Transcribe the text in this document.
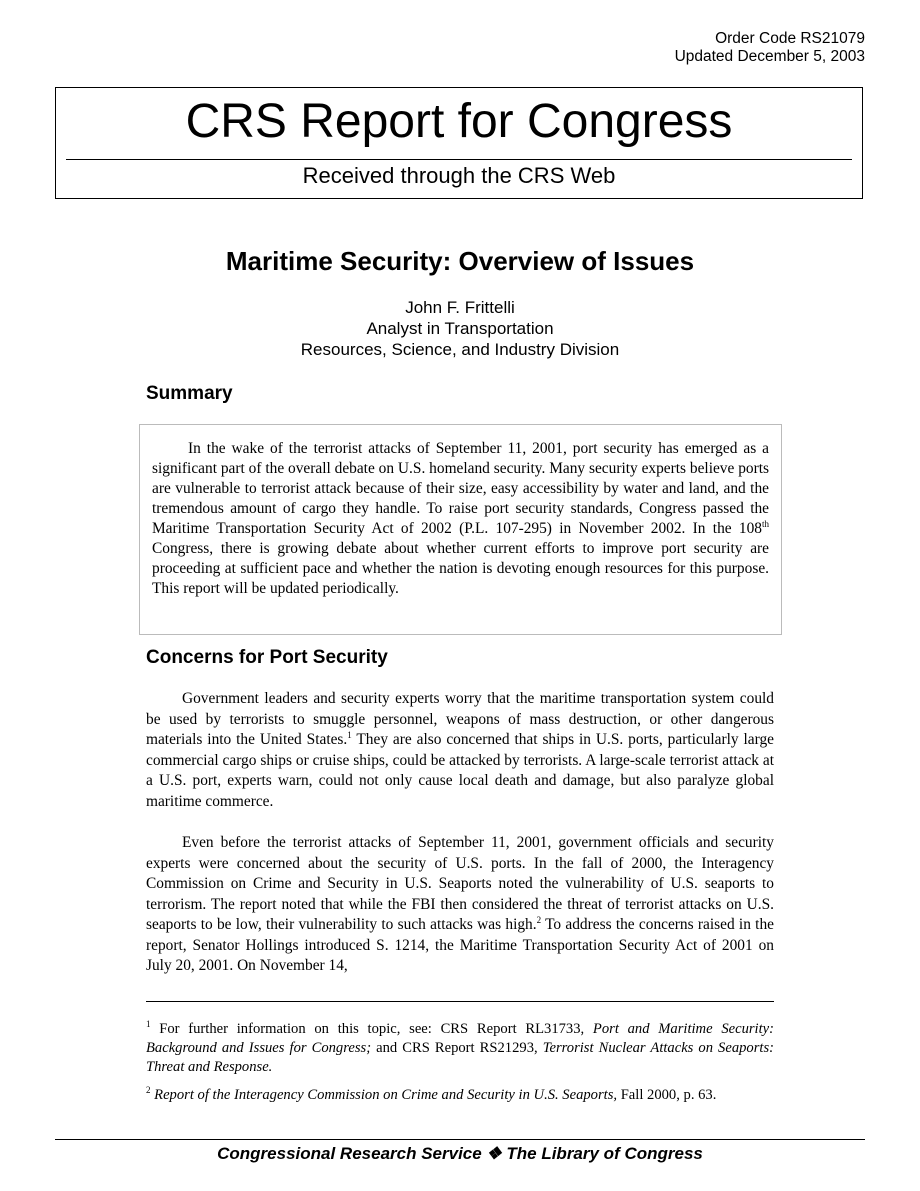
Order Code RS21079
Updated December 5, 2003
CRS Report for Congress
Received through the CRS Web
Maritime Security: Overview of Issues
John F. Frittelli
Analyst in Transportation
Resources, Science, and Industry Division
Summary
In the wake of the terrorist attacks of September 11, 2001, port security has emerged as a significant part of the overall debate on U.S. homeland security. Many security experts believe ports are vulnerable to terrorist attack because of their size, easy accessibility by water and land, and the tremendous amount of cargo they handle. To raise port security standards, Congress passed the Maritime Transportation Security Act of 2002 (P.L. 107-295) in November 2002. In the 108th Congress, there is growing debate about whether current efforts to improve port security are proceeding at sufficient pace and whether the nation is devoting enough resources for this purpose. This report will be updated periodically.
Concerns for Port Security

Government leaders and security experts worry that the maritime transportation system could be used by terrorists to smuggle personnel, weapons of mass destruction, or other dangerous materials into the United States.$^1$ They are also concerned that ships in U.S. ports, particularly large commercial cargo ships or cruise ships, could be attacked by terrorists. A large-scale terrorist attack at a U.S. port, experts warn, could not only cause local death and damage, but also paralyze global maritime commerce.

Even before the terrorist attacks of September 11, 2001, government officials and security experts were concerned about the security of U.S. ports. In the fall of 2000, the Interagency Commission on Crime and Security in U.S. Seaports noted the vulnerability of U.S. seaports to terrorism. The report noted that while the FBI then considered the threat of terrorist attacks on U.S. seaports to be low, their vulnerability to such attacks was high.$^2$ To address the concerns raised in the report, Senator Hollings introduced S. 1214, the Maritime Transportation Security Act of 2001 on July 20, 2001. On November 14,

$^1$ For further information on this topic, see: CRS Report RL31733, Port and Maritime Security: Background and Issues for Congress; and CRS Report RS21293, Terrorist Nuclear Attacks on Seaports: Threat and Response.

$^2$ Report of the Interagency Commission on Crime and Security in U.S. Seaports, Fall 2000, p. 63.

Congressional Research Service ❖ The Library of Congress
